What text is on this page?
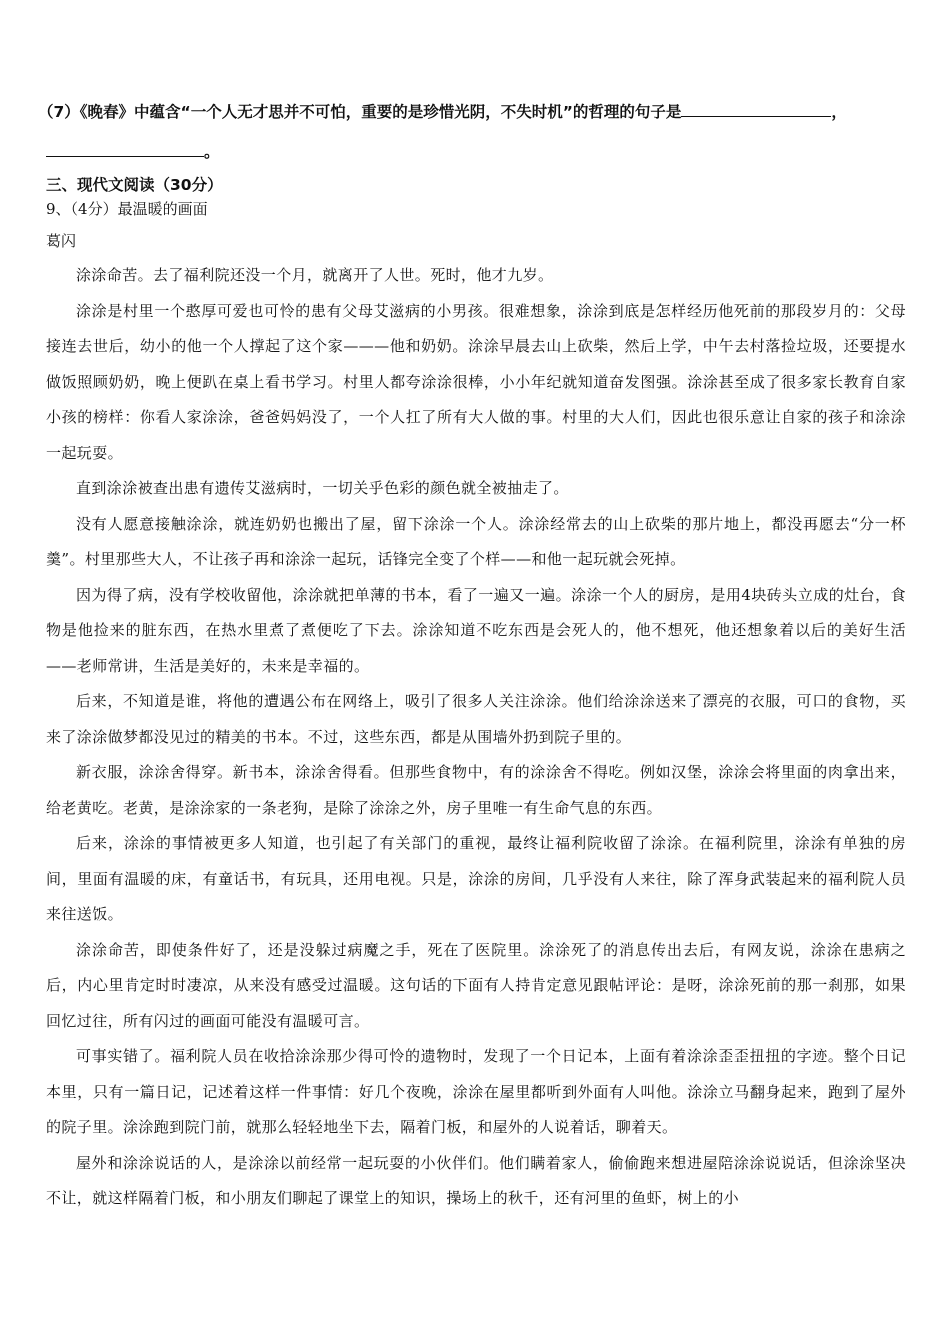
（7）《晚春》中蕴含“一个人无才思并不可怕，重要的是珍惜光阴，不失时机”的哲理的句子是	，
。
三、现代文阅读（30分）
9、（4分）最温暖的画面
葛闪

涂涂命苦。去了福利院还没一个月，就离开了人世。死时，他才九岁。

涂涂是村里一个憨厚可爱也可怜的患有父母艾滋病的小男孩。很难想象，涂涂到底是怎样经历他死前的那段岁月的：父母接连去世后，幼小的他一个人撑起了这个家———他和奶奶。涂涂早晨去山上砍柴，然后上学，中午去村落捡垃圾，还要提水做饭照顾奶奶，晚上便趴在桌上看书学习。村里人都夸涂涂很棒，小小年纪就知道奋发图强。涂涂甚至成了很多家长教育自家小孩的榜样：你看人家涂涂，爸爸妈妈没了，一个人扛了所有大人做的事。村里的大人们，因此也很乐意让自家的孩子和涂涂一起玩耍。

直到涂涂被查出患有遗传艾滋病时，一切关乎色彩的颜色就全被抽走了。

没有人愿意接触涂涂，就连奶奶也搬出了屋，留下涂涂一个人。涂涂经常去的山上砍柴的那片地上，都没再愿去“分一杯羹”。村里那些大人，不让孩子再和涂涂一起玩，话锋完全变了个样——和他一起玩就会死掉。

因为得了病，没有学校收留他，涂涂就把单薄的书本，看了一遍又一遍。涂涂一个人的厨房，是用4块砖头立成的灶台，食物是他捡来的脏东西，在热水里煮了煮便吃了下去。涂涂知道不吃东西是会死人的，他不想死，他还想象着以后的美好生活——老师常讲，生活是美好的，未来是幸福的。

后来，不知道是谁，将他的遭遇公布在网络上，吸引了很多人关注涂涂。他们给涂涂送来了漂亮的衣服，可口的食物，买来了涂涂做梦都没见过的精美的书本。不过，这些东西，都是从围墙外扔到院子里的。

新衣服，涂涂舍得穿。新书本，涂涂舍得看。但那些食物中，有的涂涂舍不得吃。例如汉堡，涂涂会将里面的肉拿出来，给老黄吃。老黄，是涂涂家的一条老狗，是除了涂涂之外，房子里唯一有生命气息的东西。

后来，涂涂的事情被更多人知道，也引起了有关部门的重视，最终让福利院收留了涂涂。在福利院里，涂涂有单独的房间，里面有温暖的床，有童话书，有玩具，还用电视。只是，涂涂的房间，几乎没有人来往，除了浑身武装起来的福利院人员来往送饭。

涂涂命苦，即使条件好了，还是没躲过病魔之手，死在了医院里。涂涂死了的消息传出去后，有网友说，涂涂在患病之后，内心里肯定时时凄凉，从来没有感受过温暖。这句话的下面有人持肯定意见跟帖评论：是呀，涂涂死前的那一刹那，如果回忆过往，所有闪过的画面可能没有温暖可言。

可事实错了。福利院人员在收拾涂涂那少得可怜的遗物时，发现了一个日记本，上面有着涂涂歪歪扭扭的字迹。整个日记本里，只有一篇日记，记述着这样一件事情：好几个夜晚，涂涂在屋里都听到外面有人叫他。涂涂立马翻身起来，跑到了屋外的院子里。涂涂跑到院门前，就那么轻轻地坐下去，隔着门板，和屋外的人说着话，聊着天。

屋外和涂涂说话的人，是涂涂以前经常一起玩耍的小伙伴们。他们瞒着家人，偷偷跑来想进屋陪涂涂说说话，但涂涂坚决不让，就这样隔着门板，和小朋友们聊起了课堂上的知识，操场上的秋千，还有河里的鱼虾，树上的小
